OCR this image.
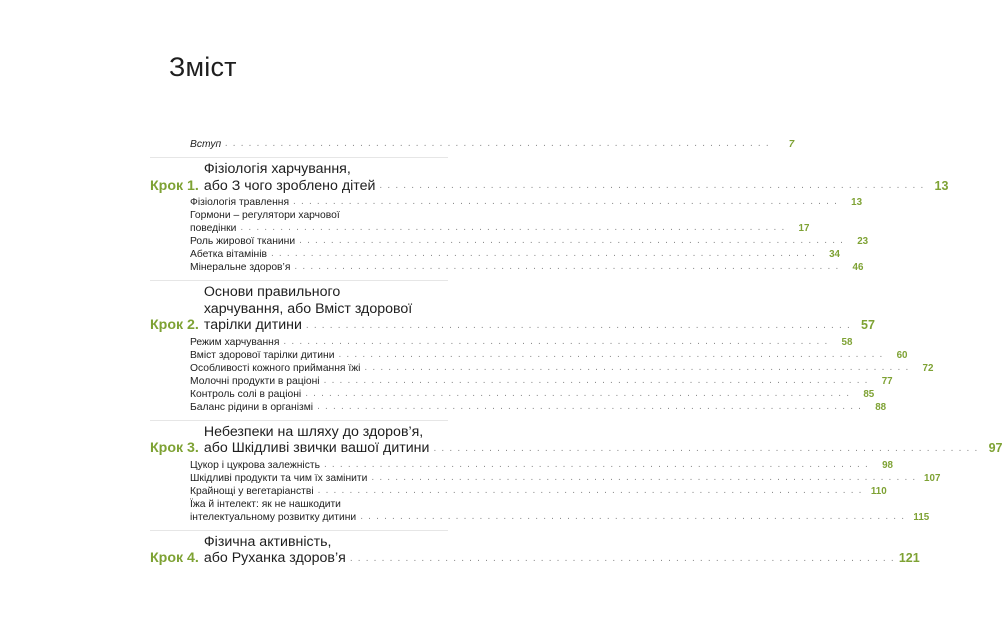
Зміст
Вступ . . .	7
Крок 1.
Фізіологія харчування,
або З чого зроблено дітей . . .	13
Фізіологія травлення . . .	13
Гормони – регулятори харчової
поведінки . . .	17
Роль жирової тканини . . .	23
Абетка вітамінів . . .	34
Мінеральне здоров’я . . .	46
Крок 2.
Основи правильного
харчування, або Вміст здорової
тарілки дитини . . .	57
Режим харчування . . .	58
Вміст здорової тарілки дитини . . .	60
Особливості кожного приймання їжі . . .	72
Молочні продукти в раціоні . . .	77
Контроль солі в раціоні . . .	85
Баланс рідини в організмі . . .	88
Крок 3.
Небезпеки на шляху до здоров’я,
або Шкідливі звички вашої дитини . . .	97
Цукор і цукрова залежність . . .	98
Шкідливі продукти та чим їх замінити . . .	107
Крайнощі у вегетаріанстві . . .	110
Їжа й інтелект: як не нашкодити
інтелектуальному розвитку дитини . . .	115
Крок 4.
Фізична активність,
або Руханка здоров’я . . .	121
